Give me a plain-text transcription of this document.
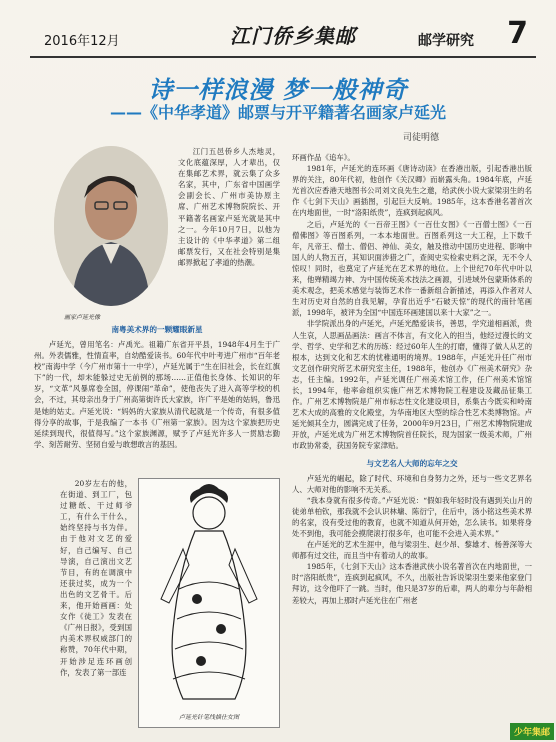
2016年12月	江门侨乡集邮	邮学研究 7
诗一样浪漫 梦一般神奇
——《中华孝道》邮票与开平籍著名画家卢延光
司徒明德
画家卢延光像

江门五邑侨乡人杰地灵，文化底蕴深厚，人才辈出，仅在集邮艺术界，就云集了众多名家，其中，广东省中国画学会副会长、广州市美协原主席、广州艺术博物院院长、开平籍著名画家卢延光就是其中之一。今年10月7日，以他为主设计的《中华孝道》第二组邮票发行，又在社会特别是集邮界掀起了孝道的热潮。

南粤美术界的一颗耀眼新星

卢延光，曾用笔名：卢禹光。祖籍广东省开平县，1948年4月生于广州。外表儒雅，性情直率，自幼酷爱读书。60年代中叶考进广州市“百年老校”南海中学（今广州市第十一中学），卢延光属于“生在旧社会，长在红旗下”的一代，却未能躲过史无前例的那场……正值他长身体、长知识的年岁，“文革”风暴席卷全国，停课闹“革命”，使他丧失了进入高等学校的机会，不过，其母亲出身于广州高第街许氏大家族，许广平是她的姑妈，鲁迅是她的姑丈。卢延光说：“妈妈的大家族从清代起就是一个传奇，有很多值得分享的故事，于是我编了一本书《广州第一家族》。因为这个家族把历史延续到现代，很值得写。”这个家族渊源，赋予了卢延光许多人一贯励志勤学、刻苦耐劳、坚韧自爱与敢想敢言的基因。

20岁左右的他，在街道、到工厂，包过糖纸、干过师爷工，有什么干什么，始终坚持与书为伴。由于他对文艺的爱好，自己编写、自己导演，自己演出文艺节目，有的在调演中还获过奖，成为一个出色的文艺骨干。后来，他开始画画：处女作《徒工》发表在《广州日报》，受到国内美术界权威部门的称赞，70年代中期，开始涉足连环画创作，发表了第一部连

卢延光针笔线描仕女图

环画作品《追车》。

1981年，卢延光的连环画《唐诗动读》在香港出版，引起香港出版界的关注，80年代初，他创作《关汉卿》而崭露头角。1984年底，卢延光首次应香港天地图书公司刘文良先生之邀，给武侠小说大家梁羽生的名作《七剑下天山》画插图，引起巨大反响。1985年，这本香港名著首次在内地面世，一时“洛阳纸贵”，连疯到起疯风。

之后，卢延光的《一百帝王图》《一百仕女图》《一百僧士图》《一百僧佛图》等百图系列，一本本地面世。百图系列这一大工程，上下数千年，凡帝王、僧士、僧侣、神仙、美女，触及推动中国历史进程、影响中国人的人物五百，其知识面涉猎之广，查阅史实检索史料之深，无不令人惊叹！同时，也奠定了卢延光在艺术界的地位。上个世纪70年代中叶以来，他殚精竭力神、为中国传统美术技法之画源，引进域外包蒙斯体系的美术观念，把美术感觉与装饰艺术作一番新组合新描述，再添入作者对人生对历史对自然的自我见解，孕育出近乎“石破天惊”的现代的南针笔画派，1998年，被评为全国“中国连环画建国以来十大家”之一。

非学院派出身的卢延光，卢延光酷爱读书，善思，学究道相画派，贵人生哀，人思画品画法：画言不体言，有文化入的担当，他经过漫长的文学、哲学、史学和艺术的历练：经过60年人生的打磨，懂得了做人从艺的根本，达到文化和艺术的忧稚通明的境界。1988年，卢延光升任广州市文艺创作研究所艺术研究室主任，1988年，他创办《广州美术研究》杂志，任主编。1992年，卢延光调任广州美术馆工作，任广州美术馆馆长，1994年，他率命组织实施广州艺术博物院工程建设及藏品征集工作。广州艺术博物院是广州市标志性文化建设项目，系集古今既实和岭南艺术大成的高雅的文化殿堂，为华南地区大型的综合性艺术类博物馆。卢延光倾其全力，圆满完成了任务，2000年9月23日，广州艺术博物院建成开放，卢延光成为广州艺术博物院首任院长，现为国家一级美术师，广州市政协常委，获国务院专家津贴。

与文艺名人大师的忘年之交

卢延光的崛起，除了时代、环境和自身努力之外，还与一些文艺界名人、大师对他的影响不无关系。

“我本身就有很多传奇。”卢延光说：“假如我年轻时没有遇到关山月的徒弟单柏钦，那我就不会认识林墉、陈衍宁，住后中，汤小铭这些美术界的名家，没有受过他的教育，也就不知道从何开始，怎么读书。如果将身处不到他，我可能会摸爬滚打很多年，也可能不会进入美术界。”

在卢延光的艺术生涯中，他与梁羽生、赵少昂、黎雄才、杨善深等大师都有过交往，而且当中有着动人的故事。

1985年，《七剑下天山》这本香港武侠小说名著首次在内地面世，一时“洛阳纸贵”，连疯到起疯风，不久，出版社告诉说梁羽生要来他家登门拜访，这令他吓了一跳。当时，他只是37岁的后辈，两人的辈分与年龄相差较大，再加上那时卢延光住在广州老

少年集邮
